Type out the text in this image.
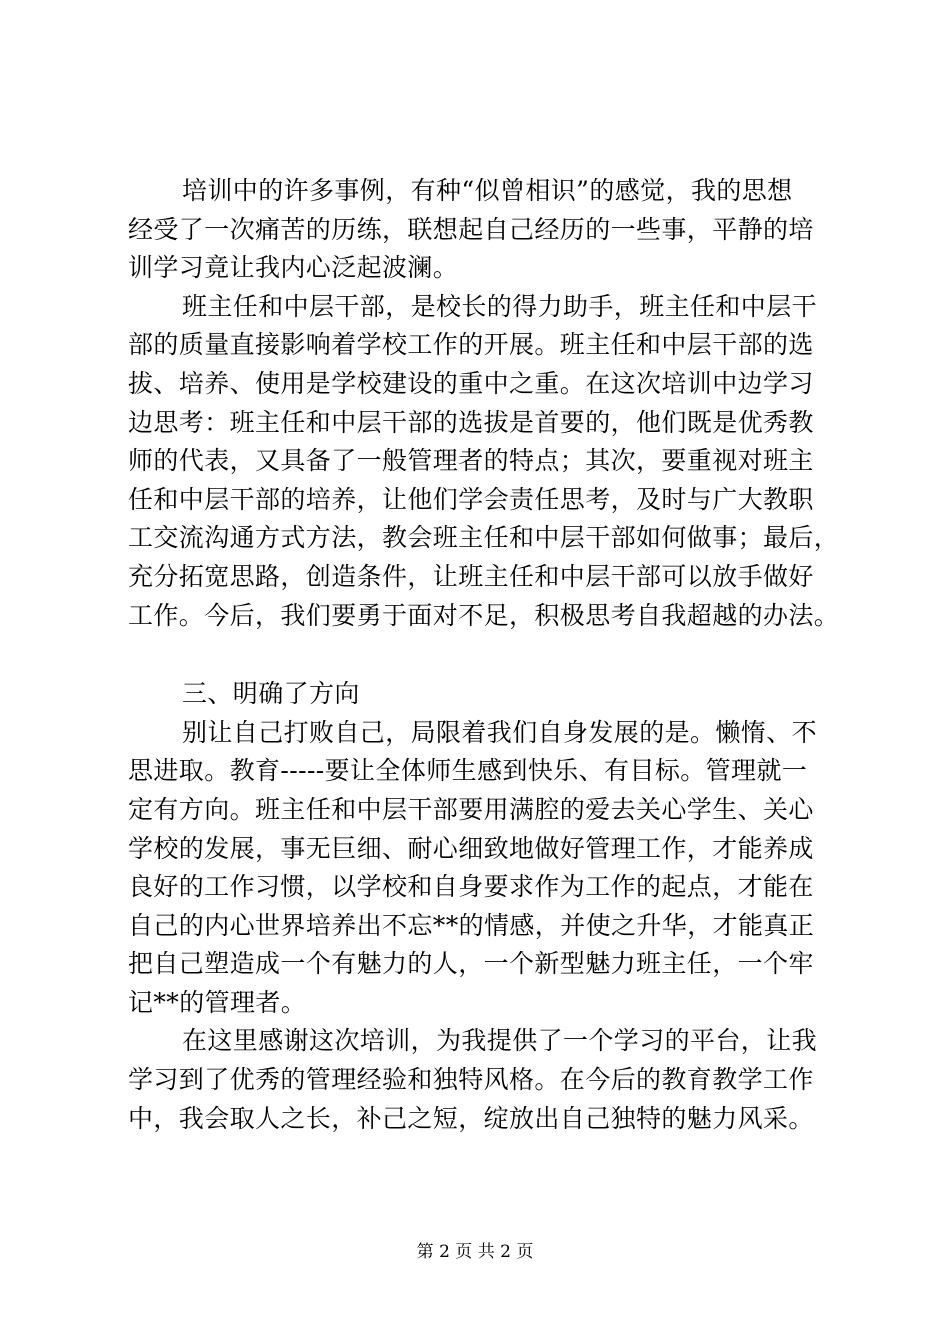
培训中的许多事例，有种“似曾相识”的感觉，我的思想
经受了一次痛苦的历练，联想起自己经历的一些事，平静的培
训学习竟让我内心泛起波澜。
班主任和中层干部，是校长的得力助手，班主任和中层干
部的质量直接影响着学校工作的开展。班主任和中层干部的选
拔、培养、使用是学校建设的重中之重。在这次培训中边学习
边思考：班主任和中层干部的选拔是首要的，他们既是优秀教
师的代表，又具备了一般管理者的特点；其次，要重视对班主
任和中层干部的培养，让他们学会责任思考，及时与广大教职
工交流沟通方式方法，教会班主任和中层干部如何做事；最后，
充分拓宽思路，创造条件，让班主任和中层干部可以放手做好
工作。今后，我们要勇于面对不足，积极思考自我超越的办法。
三、明确了方向
别让自己打败自己，局限着我们自身发展的是。懒惰、不
思进取。教育-----要让全体师生感到快乐、有目标。管理就一
定有方向。班主任和中层干部要用满腔的爱去关心学生、关心
学校的发展，事无巨细、耐心细致地做好管理工作，才能养成
良好的工作习惯，以学校和自身要求作为工作的起点，才能在
自己的内心世界培养出不忘**的情感，并使之升华，才能真正
把自己塑造成一个有魅力的人，一个新型魅力班主任，一个牢
记**的管理者。
在这里感谢这次培训，为我提供了一个学习的平台，让我
学习到了优秀的管理经验和独特风格。在今后的教育教学工作
中，我会取人之长，补己之短，绽放出自己独特的魅力风采。
第 2 页 共 2 页
